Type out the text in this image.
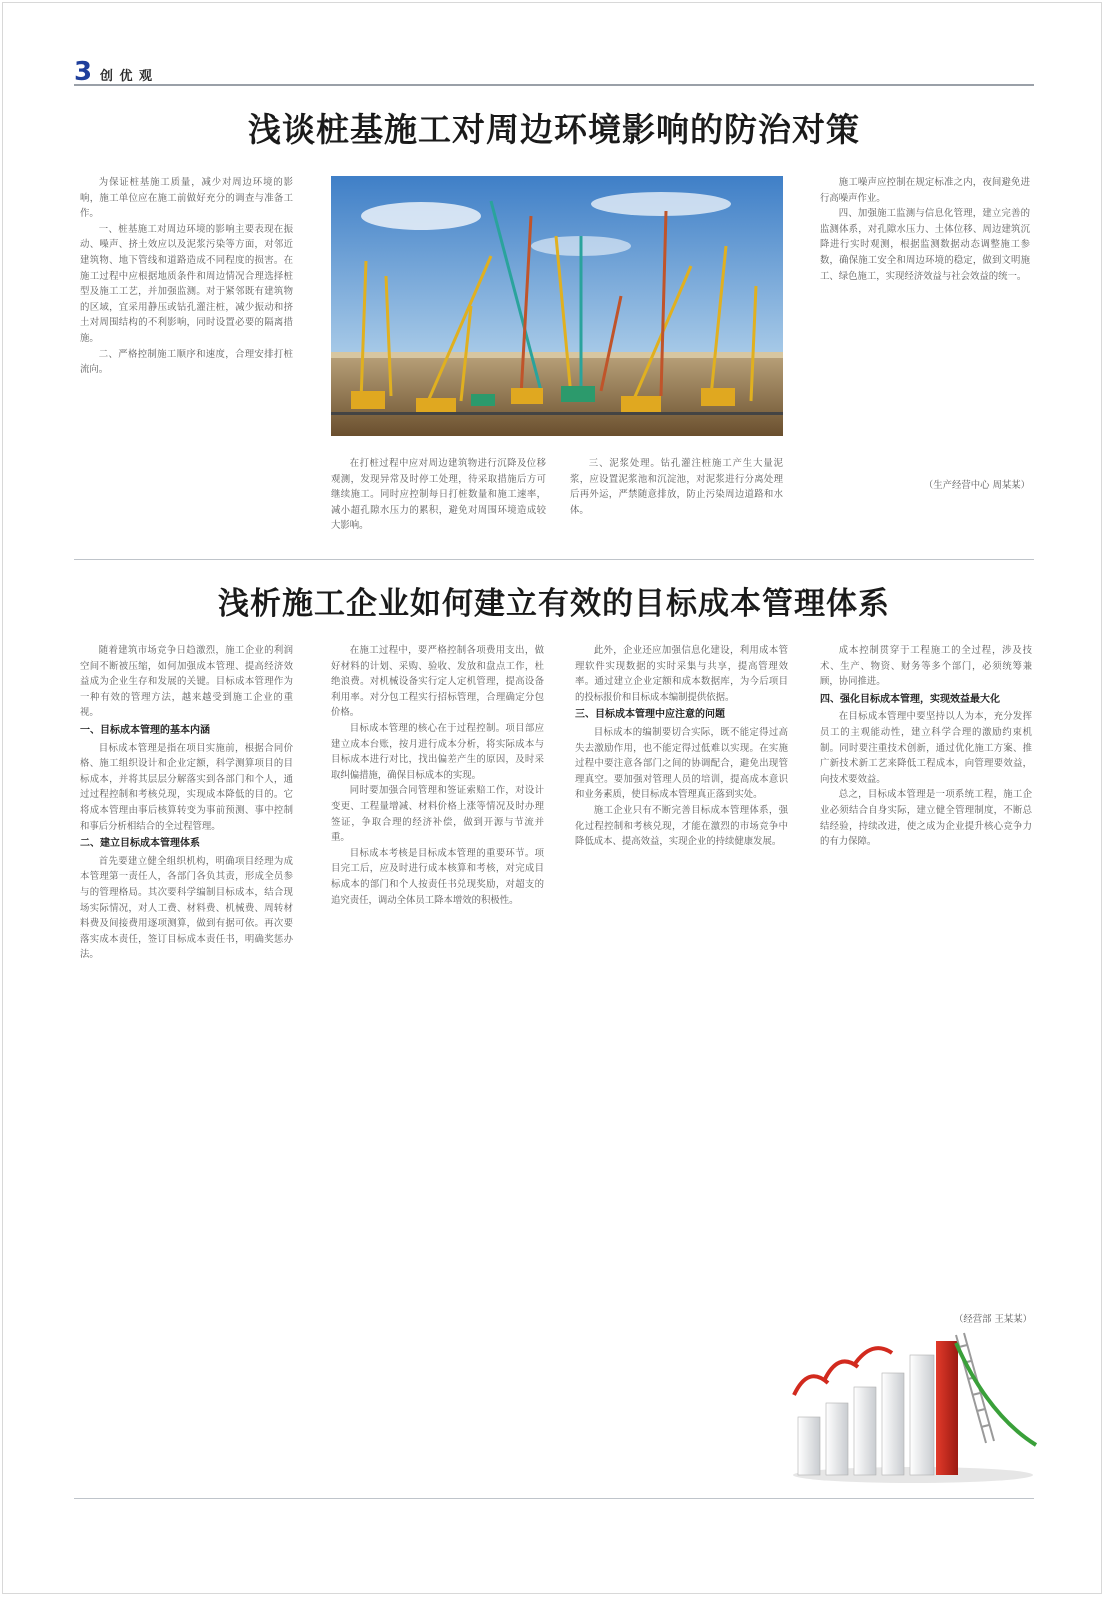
3 创 优 观
浅谈桩基施工对周边环境影响的防治对策

为保证桩基施工质量，减少对周边环境的影响，施工单位应在施工前做好充分的调查与准备工作。

一、桩基施工对周边环境的影响主要表现在振动、噪声、挤土效应以及泥浆污染等方面，对邻近建筑物、地下管线和道路造成不同程度的损害。在施工过程中应根据地质条件和周边情况合理选择桩型及施工工艺，并加强监测。对于紧邻既有建筑物的区域，宜采用静压或钻孔灌注桩，减少振动和挤土对周围结构的不利影响，同时设置必要的隔离措施。

二、严格控制施工顺序和速度，合理安排打桩流向。

在打桩过程中应对周边建筑物进行沉降及位移观测，发现异常及时停工处理，待采取措施后方可继续施工。同时应控制每日打桩数量和施工速率，减小超孔隙水压力的累积，避免对周围环境造成较大影响。

三、泥浆处理。钻孔灌注桩施工产生大量泥浆，应设置泥浆池和沉淀池，对泥浆进行分离处理后再外运，严禁随意排放，防止污染周边道路和水体。

施工噪声应控制在规定标准之内，夜间避免进行高噪声作业。

四、加强施工监测与信息化管理，建立完善的监测体系，对孔隙水压力、土体位移、周边建筑沉降进行实时观测，根据监测数据动态调整施工参数，确保施工安全和周边环境的稳定，做到文明施工、绿色施工，实现经济效益与社会效益的统一。

（生产经营中心 周某某）

浅析施工企业如何建立有效的目标成本管理体系

随着建筑市场竞争日趋激烈，施工企业的利润空间不断被压缩，如何加强成本管理、提高经济效益成为企业生存和发展的关键。目标成本管理作为一种有效的管理方法，越来越受到施工企业的重视。

一、目标成本管理的基本内涵

目标成本管理是指在项目实施前，根据合同价格、施工组织设计和企业定额，科学测算项目的目标成本，并将其层层分解落实到各部门和个人，通过过程控制和考核兑现，实现成本降低的目的。它将成本管理由事后核算转变为事前预测、事中控制和事后分析相结合的全过程管理。

二、建立目标成本管理体系

首先要建立健全组织机构，明确项目经理为成本管理第一责任人，各部门各负其责，形成全员参与的管理格局。其次要科学编制目标成本，结合现场实际情况，对人工费、材料费、机械费、周转材料费及间接费用逐项测算，做到有据可依。再次要落实成本责任，签订目标成本责任书，明确奖惩办法。

在施工过程中，要严格控制各项费用支出，做好材料的计划、采购、验收、发放和盘点工作，杜绝浪费。对机械设备实行定人定机管理，提高设备利用率。对分包工程实行招标管理，合理确定分包价格。

目标成本管理的核心在于过程控制。项目部应建立成本台账，按月进行成本分析，将实际成本与目标成本进行对比，找出偏差产生的原因，及时采取纠偏措施，确保目标成本的实现。

同时要加强合同管理和签证索赔工作，对设计变更、工程量增减、材料价格上涨等情况及时办理签证，争取合理的经济补偿，做到开源与节流并重。

目标成本考核是目标成本管理的重要环节。项目完工后，应及时进行成本核算和考核，对完成目标成本的部门和个人按责任书兑现奖励，对超支的追究责任，调动全体员工降本增效的积极性。

此外，企业还应加强信息化建设，利用成本管理软件实现数据的实时采集与共享，提高管理效率。通过建立企业定额和成本数据库，为今后项目的投标报价和目标成本编制提供依据。

三、目标成本管理中应注意的问题

目标成本的编制要切合实际，既不能定得过高失去激励作用，也不能定得过低难以实现。在实施过程中要注意各部门之间的协调配合，避免出现管理真空。要加强对管理人员的培训，提高成本意识和业务素质，使目标成本管理真正落到实处。

施工企业只有不断完善目标成本管理体系，强化过程控制和考核兑现，才能在激烈的市场竞争中降低成本、提高效益，实现企业的持续健康发展。

成本控制贯穿于工程施工的全过程，涉及技术、生产、物资、财务等多个部门，必须统筹兼顾，协同推进。

四、强化目标成本管理，实现效益最大化

在目标成本管理中要坚持以人为本，充分发挥员工的主观能动性，建立科学合理的激励约束机制。同时要注重技术创新，通过优化施工方案、推广新技术新工艺来降低工程成本，向管理要效益，向技术要效益。

总之，目标成本管理是一项系统工程，施工企业必须结合自身实际，建立健全管理制度，不断总结经验，持续改进，使之成为企业提升核心竞争力的有力保障。

（经营部 王某某）
